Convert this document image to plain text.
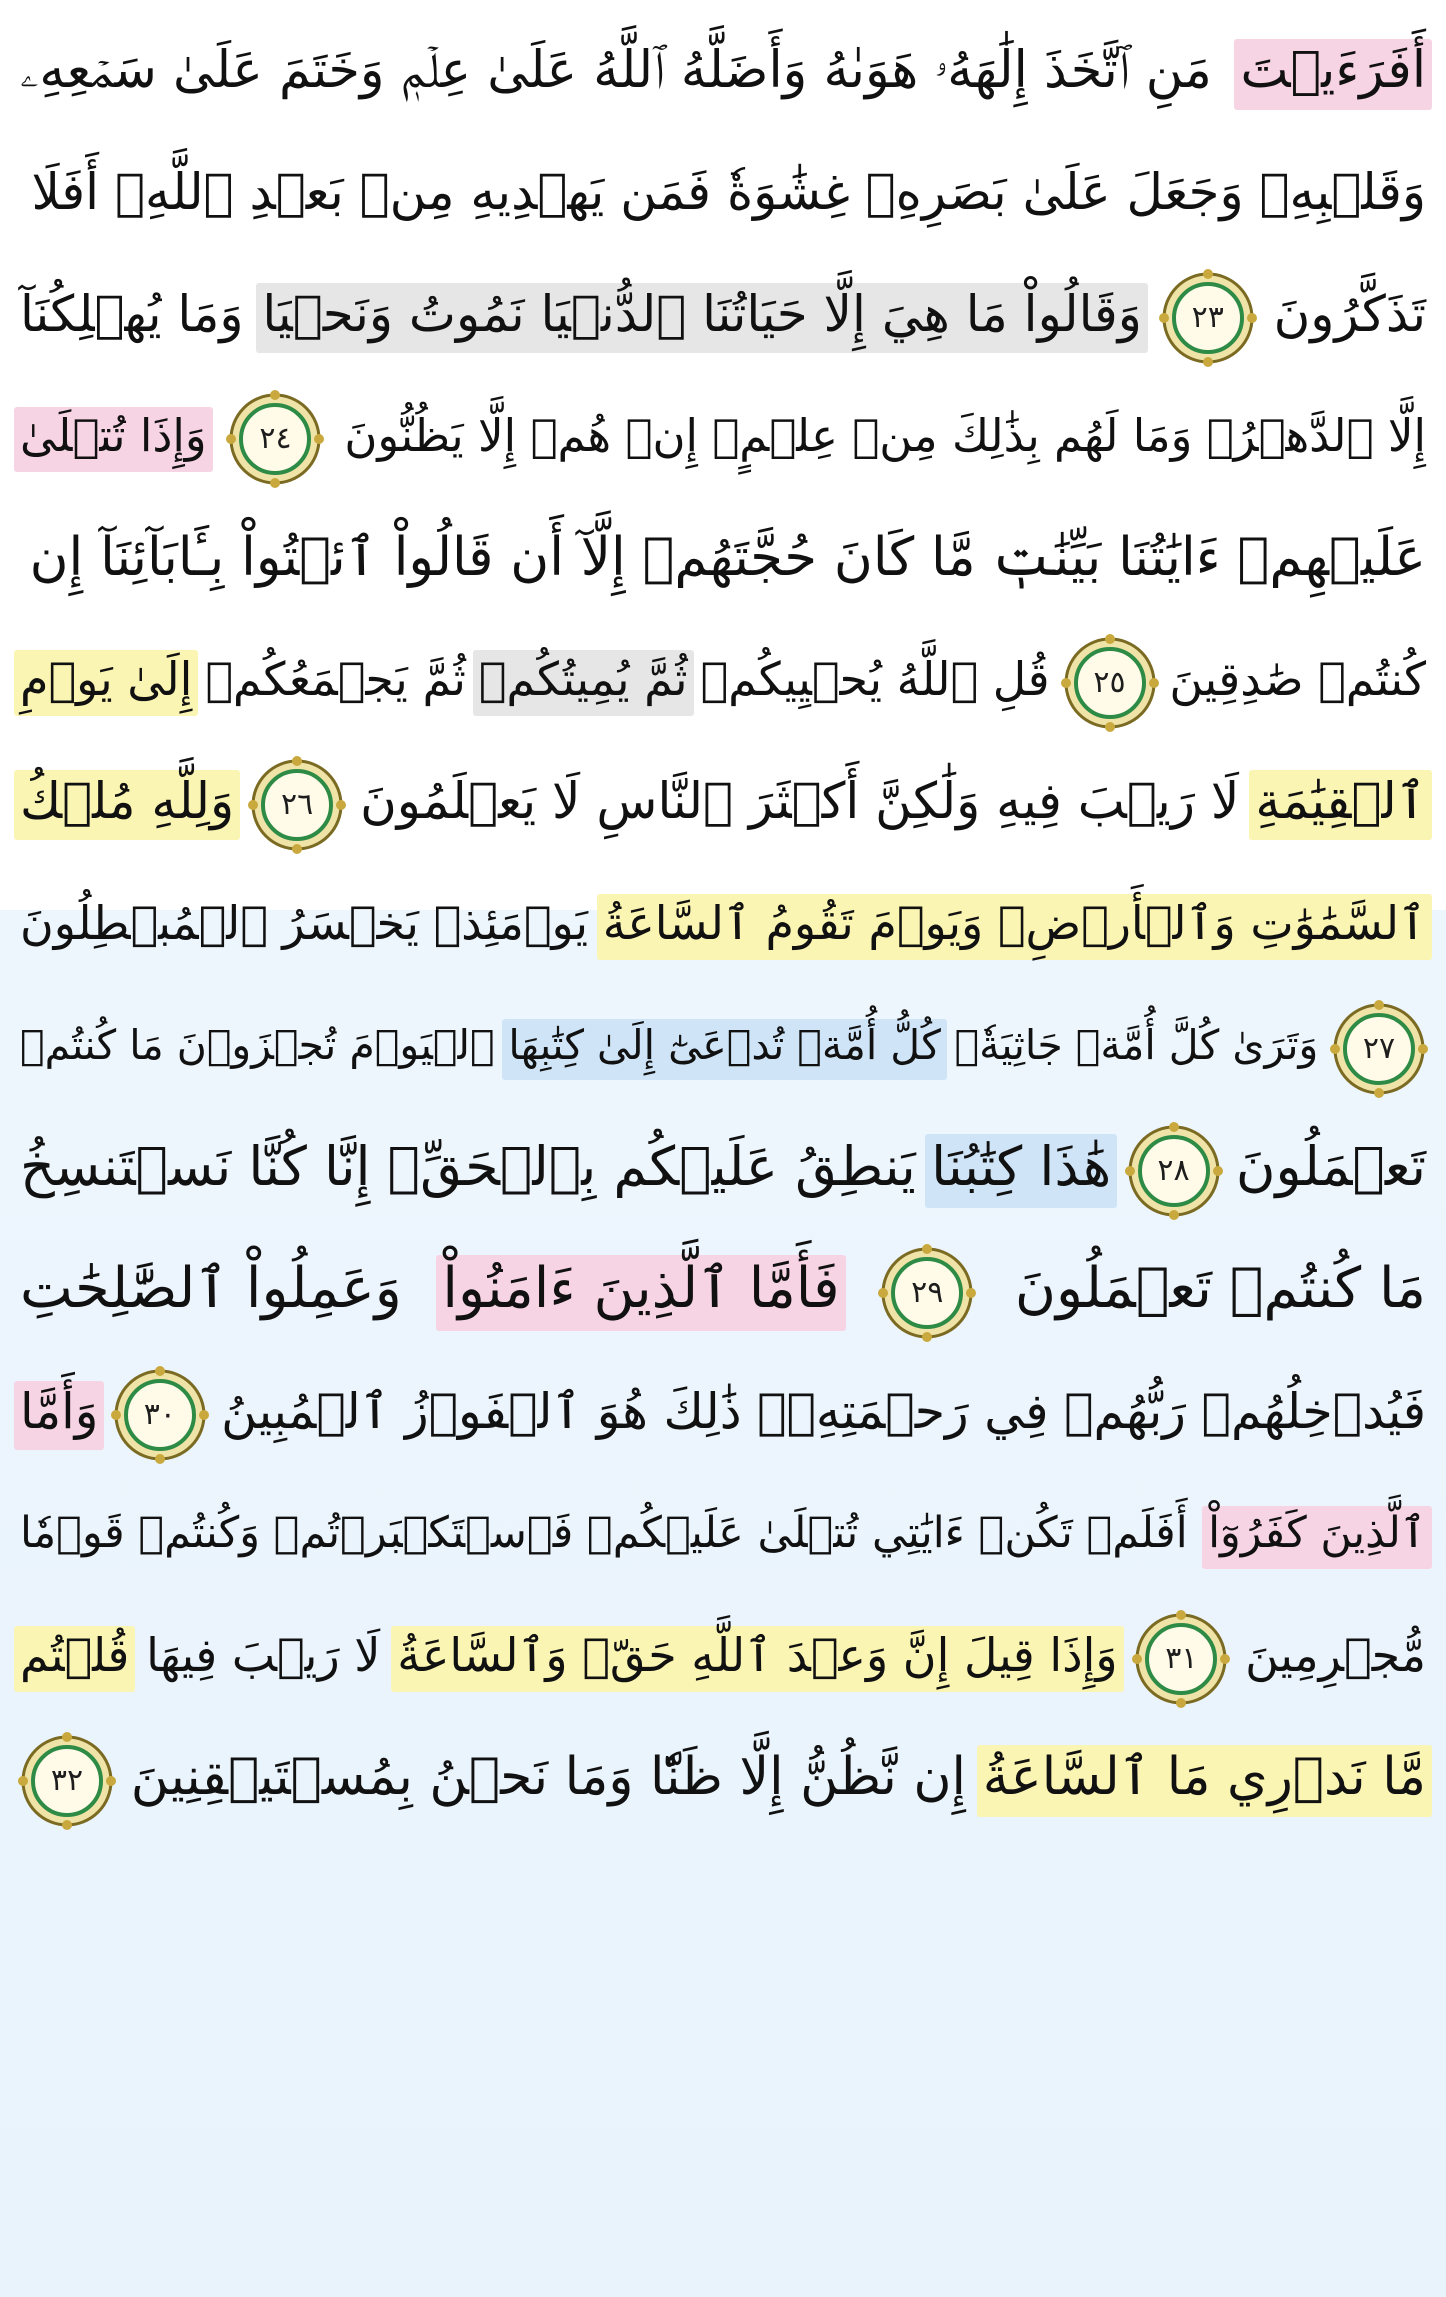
أَفَرَءَيۡتَ
مَنِ ٱتَّخَذَ إِلَٰهَهُۥ هَوَىٰهُ وَأَضَلَّهُ ٱللَّهُ عَلَىٰ عِلۡمٖ وَخَتَمَ عَلَىٰ سَمۡعِهِۦ
وَقَلۡبِهِۦ وَجَعَلَ عَلَىٰ بَصَرِهِۦ غِشَٰوَةٗ فَمَن يَهۡدِيهِ مِنۢ بَعۡدِ ٱللَّهِۚ أَفَلَا
تَذَكَّرُونَ
٢٣
وَقَالُواْ مَا هِيَ إِلَّا حَيَاتُنَا ٱلدُّنۡيَا نَمُوتُ وَنَحۡيَا
وَمَا يُهۡلِكُنَآ
إِلَّا ٱلدَّهۡرُۚ وَمَا لَهُم بِذَٰلِكَ مِنۡ عِلۡمٍۖ إِنۡ هُمۡ إِلَّا يَظُنُّونَ
٢٤
وَإِذَا تُتۡلَىٰ
عَلَيۡهِمۡ ءَايَٰتُنَا بَيِّنَٰتٖ مَّا كَانَ حُجَّتَهُمۡ إِلَّآ أَن قَالُواْ ٱئۡتُواْ بِـَٔابَآئِنَآ إِن
كُنتُمۡ صَٰدِقِينَ
٢٥
قُلِ ٱللَّهُ يُحۡيِيكُمۡ
ثُمَّ يُمِيتُكُمۡ
ثُمَّ يَجۡمَعُكُمۡ
إِلَىٰ يَوۡمِ
ٱلۡقِيَٰمَةِ
لَا رَيۡبَ فِيهِ وَلَٰكِنَّ أَكۡثَرَ ٱلنَّاسِ لَا يَعۡلَمُونَ
٢٦
وَلِلَّهِ مُلۡكُ
ٱلسَّمَٰوَٰتِ وَٱلۡأَرۡضِۚ وَيَوۡمَ تَقُومُ ٱلسَّاعَةُ
يَوۡمَئِذٖ يَخۡسَرُ ٱلۡمُبۡطِلُونَ
٢٧
وَتَرَىٰ كُلَّ أُمَّةٖ جَاثِيَةٗۚ
كُلُّ أُمَّةٖ تُدۡعَىٰٓ إِلَىٰ كِتَٰبِهَا
ٱلۡيَوۡمَ تُجۡزَوۡنَ مَا كُنتُمۡ
تَعۡمَلُونَ
٢٨
هَٰذَا كِتَٰبُنَا
يَنطِقُ عَلَيۡكُم بِٱلۡحَقِّۚ إِنَّا كُنَّا نَسۡتَنسِخُ
مَا كُنتُمۡ تَعۡمَلُونَ
٢٩
فَأَمَّا ٱلَّذِينَ ءَامَنُواْ
وَعَمِلُواْ ٱلصَّٰلِحَٰتِ
فَيُدۡخِلُهُمۡ رَبُّهُمۡ فِي رَحۡمَتِهِۦۚ ذَٰلِكَ هُوَ ٱلۡفَوۡزُ ٱلۡمُبِينُ
٣٠
وَأَمَّا
ٱلَّذِينَ كَفَرُوٓاْ
أَفَلَمۡ تَكُنۡ ءَايَٰتِي تُتۡلَىٰ عَلَيۡكُمۡ فَٱسۡتَكۡبَرۡتُمۡ وَكُنتُمۡ قَوۡمٗا
مُّجۡرِمِينَ
٣١
وَإِذَا قِيلَ إِنَّ وَعۡدَ ٱللَّهِ حَقّٞ وَٱلسَّاعَةُ
لَا رَيۡبَ فِيهَا
قُلۡتُم
مَّا نَدۡرِي مَا ٱلسَّاعَةُ
إِن نَّظُنُّ إِلَّا ظَنّٗا وَمَا نَحۡنُ بِمُسۡتَيۡقِنِينَ
٣٢
